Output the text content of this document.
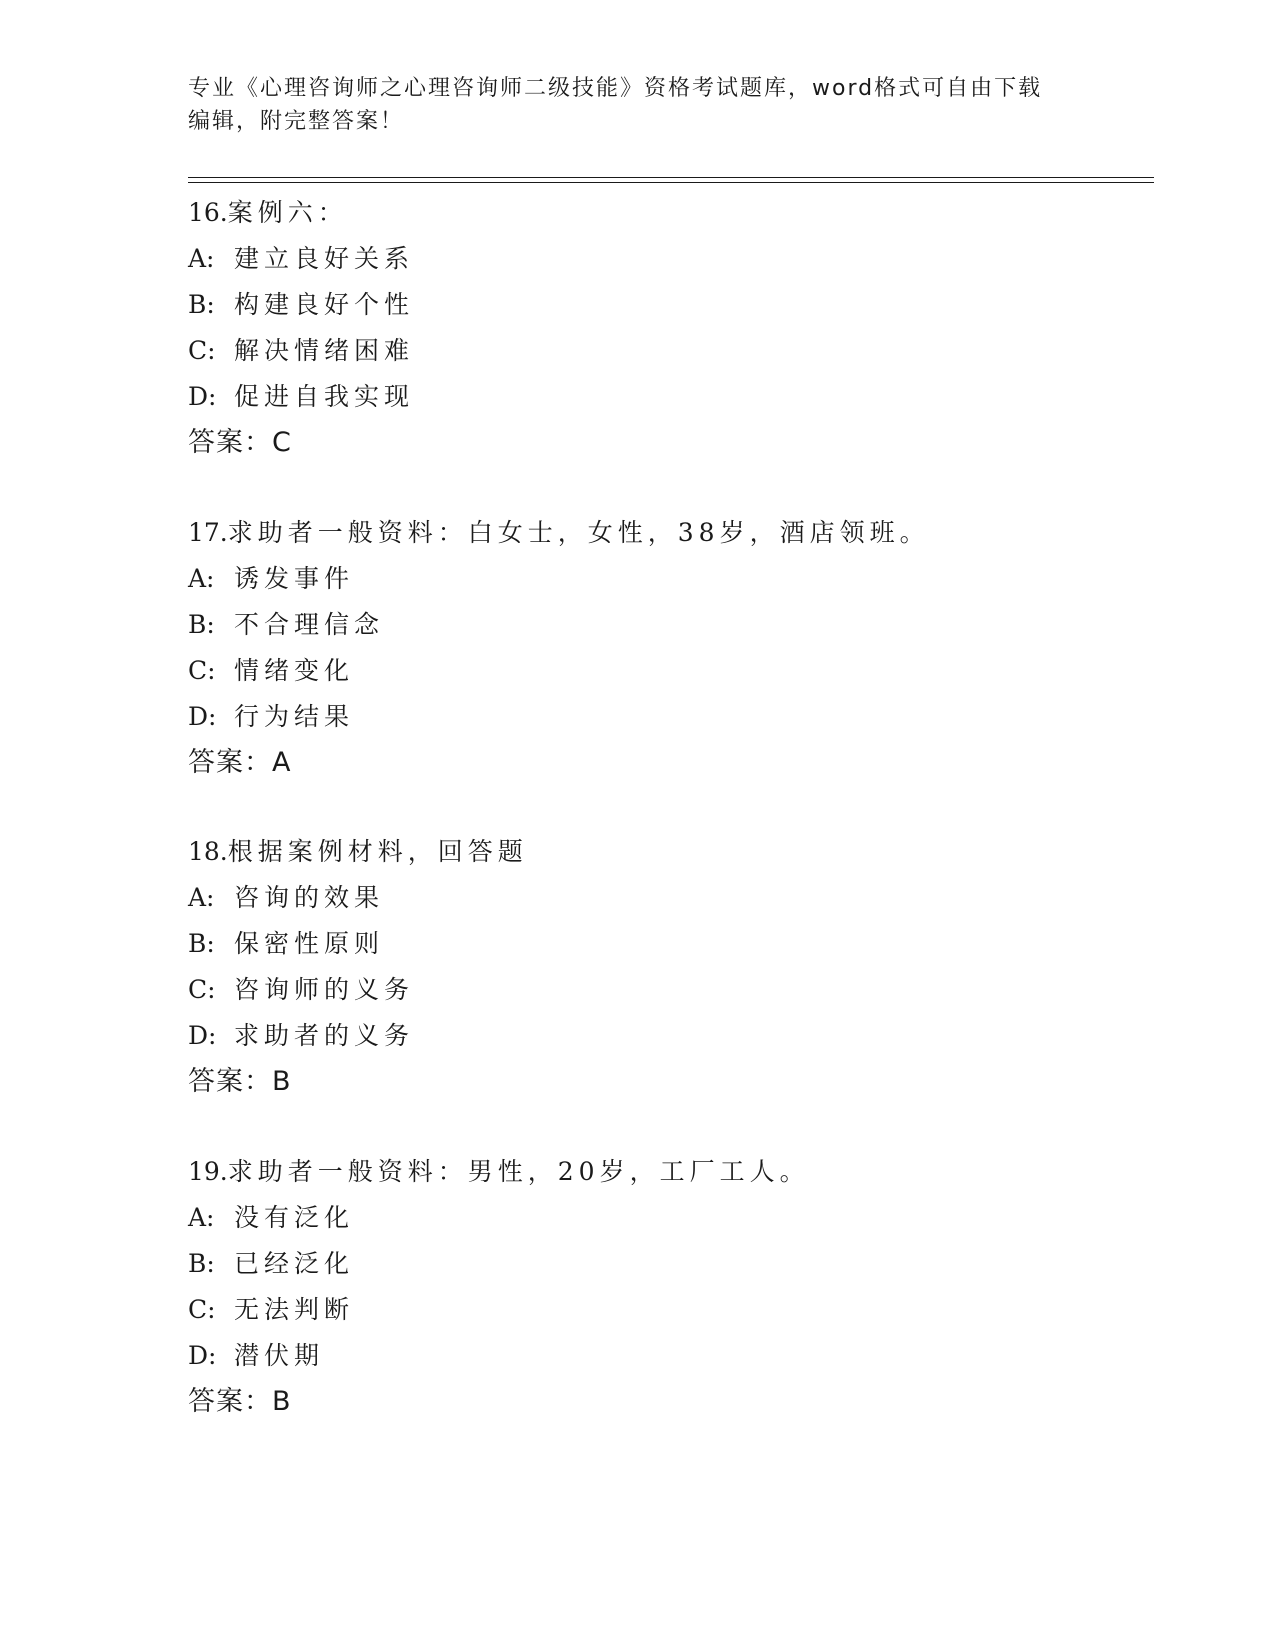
专业《心理咨询师之心理咨询师二级技能》资格考试题库，word格式可自由下载
编辑，附完整答案！
16.案例六：
A: 建立良好关系
B: 构建良好个性
C: 解决情绪困难
D: 促进自我实现
答案：C
17.求助者一般资料：白女士，女性，38岁，酒店领班。
A: 诱发事件
B: 不合理信念
C: 情绪变化
D: 行为结果
答案：A
18.根据案例材料，回答题
A: 咨询的效果
B: 保密性原则
C: 咨询师的义务
D: 求助者的义务
答案：B
19.求助者一般资料：男性，20岁，工厂工人。
A: 没有泛化
B: 已经泛化
C: 无法判断
D: 潜伏期
答案：B
